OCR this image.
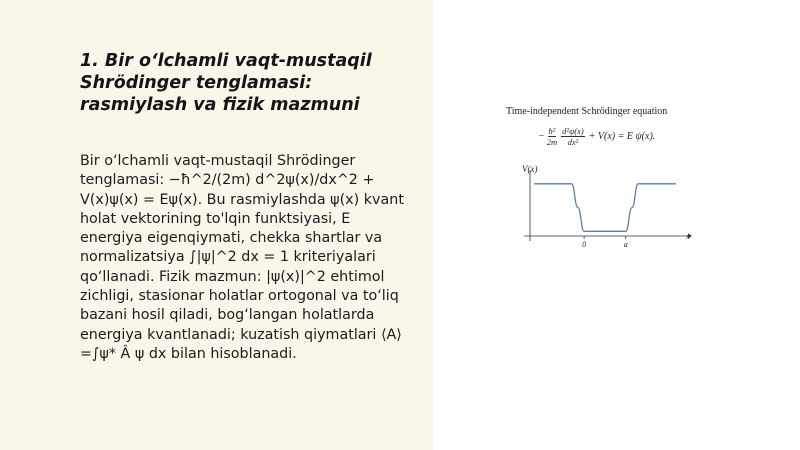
1. Bir o‘lchamli vaqt-mustaqil Shrödinger tenglamasi: rasmiylash va fizik mazmuni

Bir o‘lchamli vaqt-mustaqil Shrödinger tenglamasi: −ħ^2/(2m) d^2ψ(x)/dx^2 + V(x)ψ(x) = Eψ(x). Bu rasmiylashda ψ(x) kvant holat vektorining to'lqin funktsiyasi, E energiya eigenqiymati, chekka shartlar va normalizatsiya ∫|ψ|^2 dx = 1 kriteriyalari qo‘llanadi. Fizik mazmun: |ψ(x)|^2 ehtimol zichligi, stasionar holatlar ortogonal va to‘liq bazani hosil qiladi, bog‘langan holatlarda energiya kvantlanadi; kuzatish qiymatlari ⟨A⟩ =∫ψ* Â ψ dx bilan hisoblanadi.

Time-independent Schrödinger equation
− $\frac{\text{ħ²}}{2m} \frac{\text{d²ψ(x)}}{\text{dx²}} + V(x) = E$ ψ(x).
V(x)
x
0	a
